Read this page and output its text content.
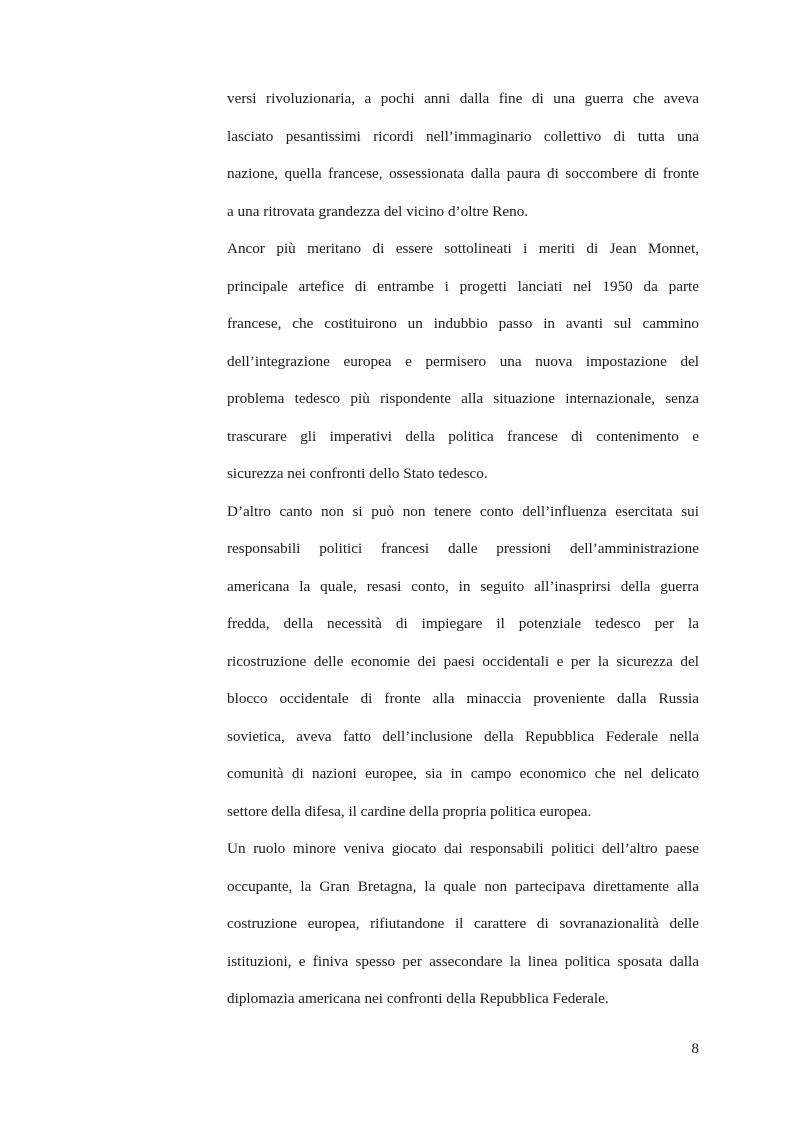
versi rivoluzionaria, a pochi anni dalla fine di una guerra che aveva
lasciato pesantissimi ricordi nell’immaginario collettivo di tutta una
nazione, quella francese, ossessionata dalla paura di soccombere di fronte
a una ritrovata grandezza del vicino d’oltre Reno.
Ancor più meritano di essere sottolineati i meriti di Jean Monnet,
principale artefice di entrambe i progetti lanciati nel 1950 da parte
francese, che costituirono un indubbio passo in avanti sul cammino
dell’integrazione europea e permisero una nuova impostazione del
problema tedesco più rispondente alla situazione internazionale, senza
trascurare gli imperativi della politica francese di contenimento e
sicurezza nei confronti dello Stato tedesco.
D’altro canto non si può non tenere conto dell’influenza esercitata sui
responsabili politici francesi dalle pressioni dell’amministrazione
americana la quale, resasi conto, in seguito all’inasprirsi della guerra
fredda, della necessità di impiegare il potenziale tedesco per la
ricostruzione delle economie dei paesi occidentali e per la sicurezza del
blocco occidentale di fronte alla minaccia proveniente dalla Russia
sovietica, aveva fatto dell’inclusione della Repubblica Federale nella
comunità di nazioni europee, sia in campo economico che nel delicato
settore della difesa, il cardine della propria politica europea.
Un ruolo minore veniva giocato dai responsabili politici dell’altro paese
occupante, la Gran Bretagna, la quale non partecipava direttamente alla
costruzione europea, rifiutandone il carattere di sovranazionalità delle
istituzioni, e finiva spesso per assecondare la linea politica sposata dalla
diplomazia americana nei confronti della Repubblica Federale.
8
